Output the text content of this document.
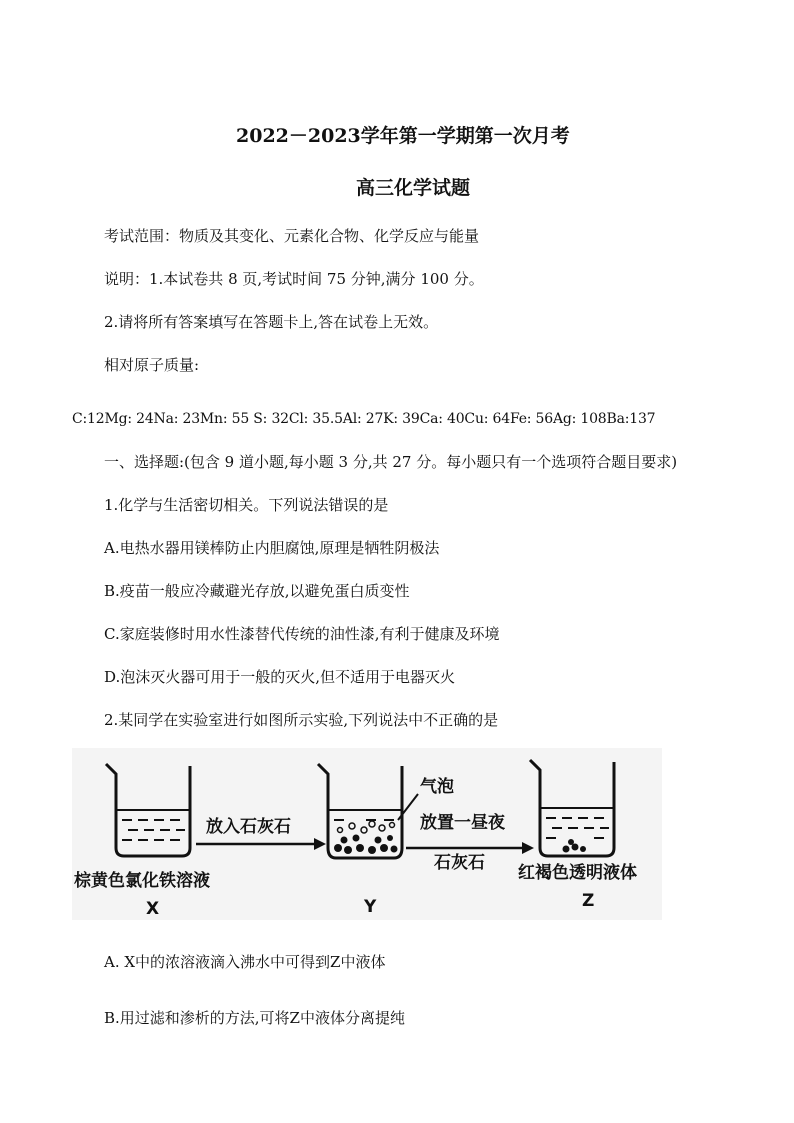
2022－2023学年第一学期第一次月考
高三化学试题
考试范围：物质及其变化、元素化合物、化学反应与能量
说明：1.本试卷共 8 页,考试时间 75 分钟,满分 100 分。
2.请将所有答案填写在答题卡上,答在试卷上无效。
相对原子质量:
C:12Mg: 24Na: 23Mn: 55 S: 32Cl: 35.5Al: 27K: 39Ca: 40Cu: 64Fe: 56Ag: 108Ba:137
一、选择题:(包含 9 道小题,每小题 3 分,共 27 分。每小题只有一个选项符合题目要求)
1.化学与生活密切相关。下列说法错误的是
A.电热水器用镁棒防止内胆腐蚀,原理是牺牲阴极法
B.疫苗一般应冷藏避光存放,以避免蛋白质变性
C.家庭装修时用水性漆替代传统的油性漆,有利于健康及环境
D.泡沫灭火器可用于一般的灭火,但不适用于电器灭火
2.某同学在实验室进行如图所示实验,下列说法中不正确的是
放入石灰石
气泡
放置一昼夜
石灰石
棕黄色氯化铁溶液	红褐色透明液体
X	Y	Z
A. X中的浓溶液滴入沸水中可得到Z中液体
B.用过滤和渗析的方法,可将Z中液体分离提纯
